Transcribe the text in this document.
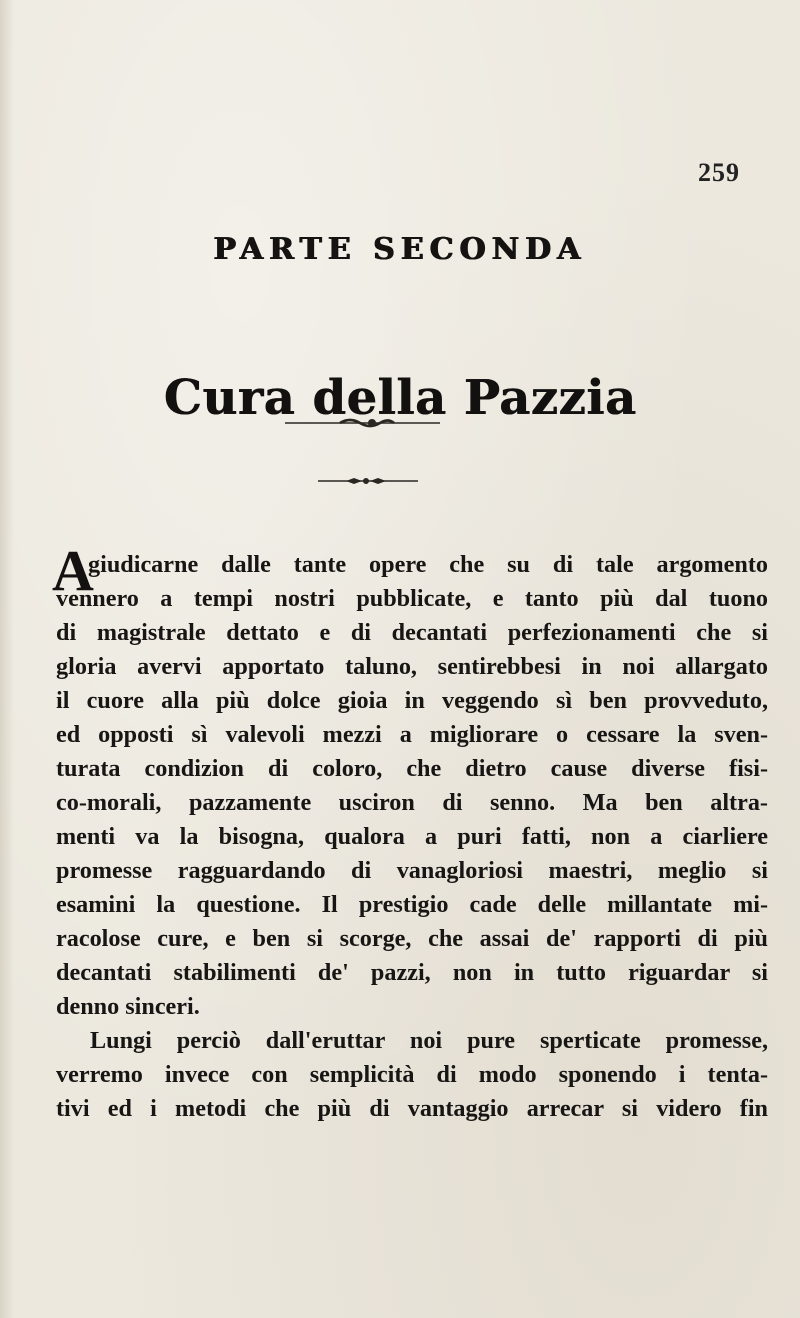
259
PARTE SECONDA
Cura della Pazzia
A
giudicarne dalle tante opere che su di tale argomento
vennero a tempi nostri pubblicate, e tanto più dal tuono
di magistrale dettato e di decantati perfezionamenti che si
gloria avervi apportato taluno, sentirebbesi in noi allargato
il cuore alla più dolce gioia in veggendo sì ben provveduto,
ed opposti sì valevoli mezzi a migliorare o cessare la sven-
turata condizion di coloro, che dietro cause diverse fisi-
co-morali, pazzamente usciron di senno. Ma ben altra-
menti va la bisogna, qualora a puri fatti, non a ciarliere
promesse ragguardando di vanagloriosi maestri, meglio si
esamini la questione. Il prestigio cade delle millantate mi-
racolose cure, e ben si scorge, che assai de' rapporti di più
decantati stabilimenti de' pazzi, non in tutto riguardar si
denno sinceri.
Lungi perciò dall'eruttar noi pure sperticate promesse,
verremo invece con semplicità di modo sponendo i tenta-
tivi ed i metodi che più di vantaggio arrecar si videro fin
